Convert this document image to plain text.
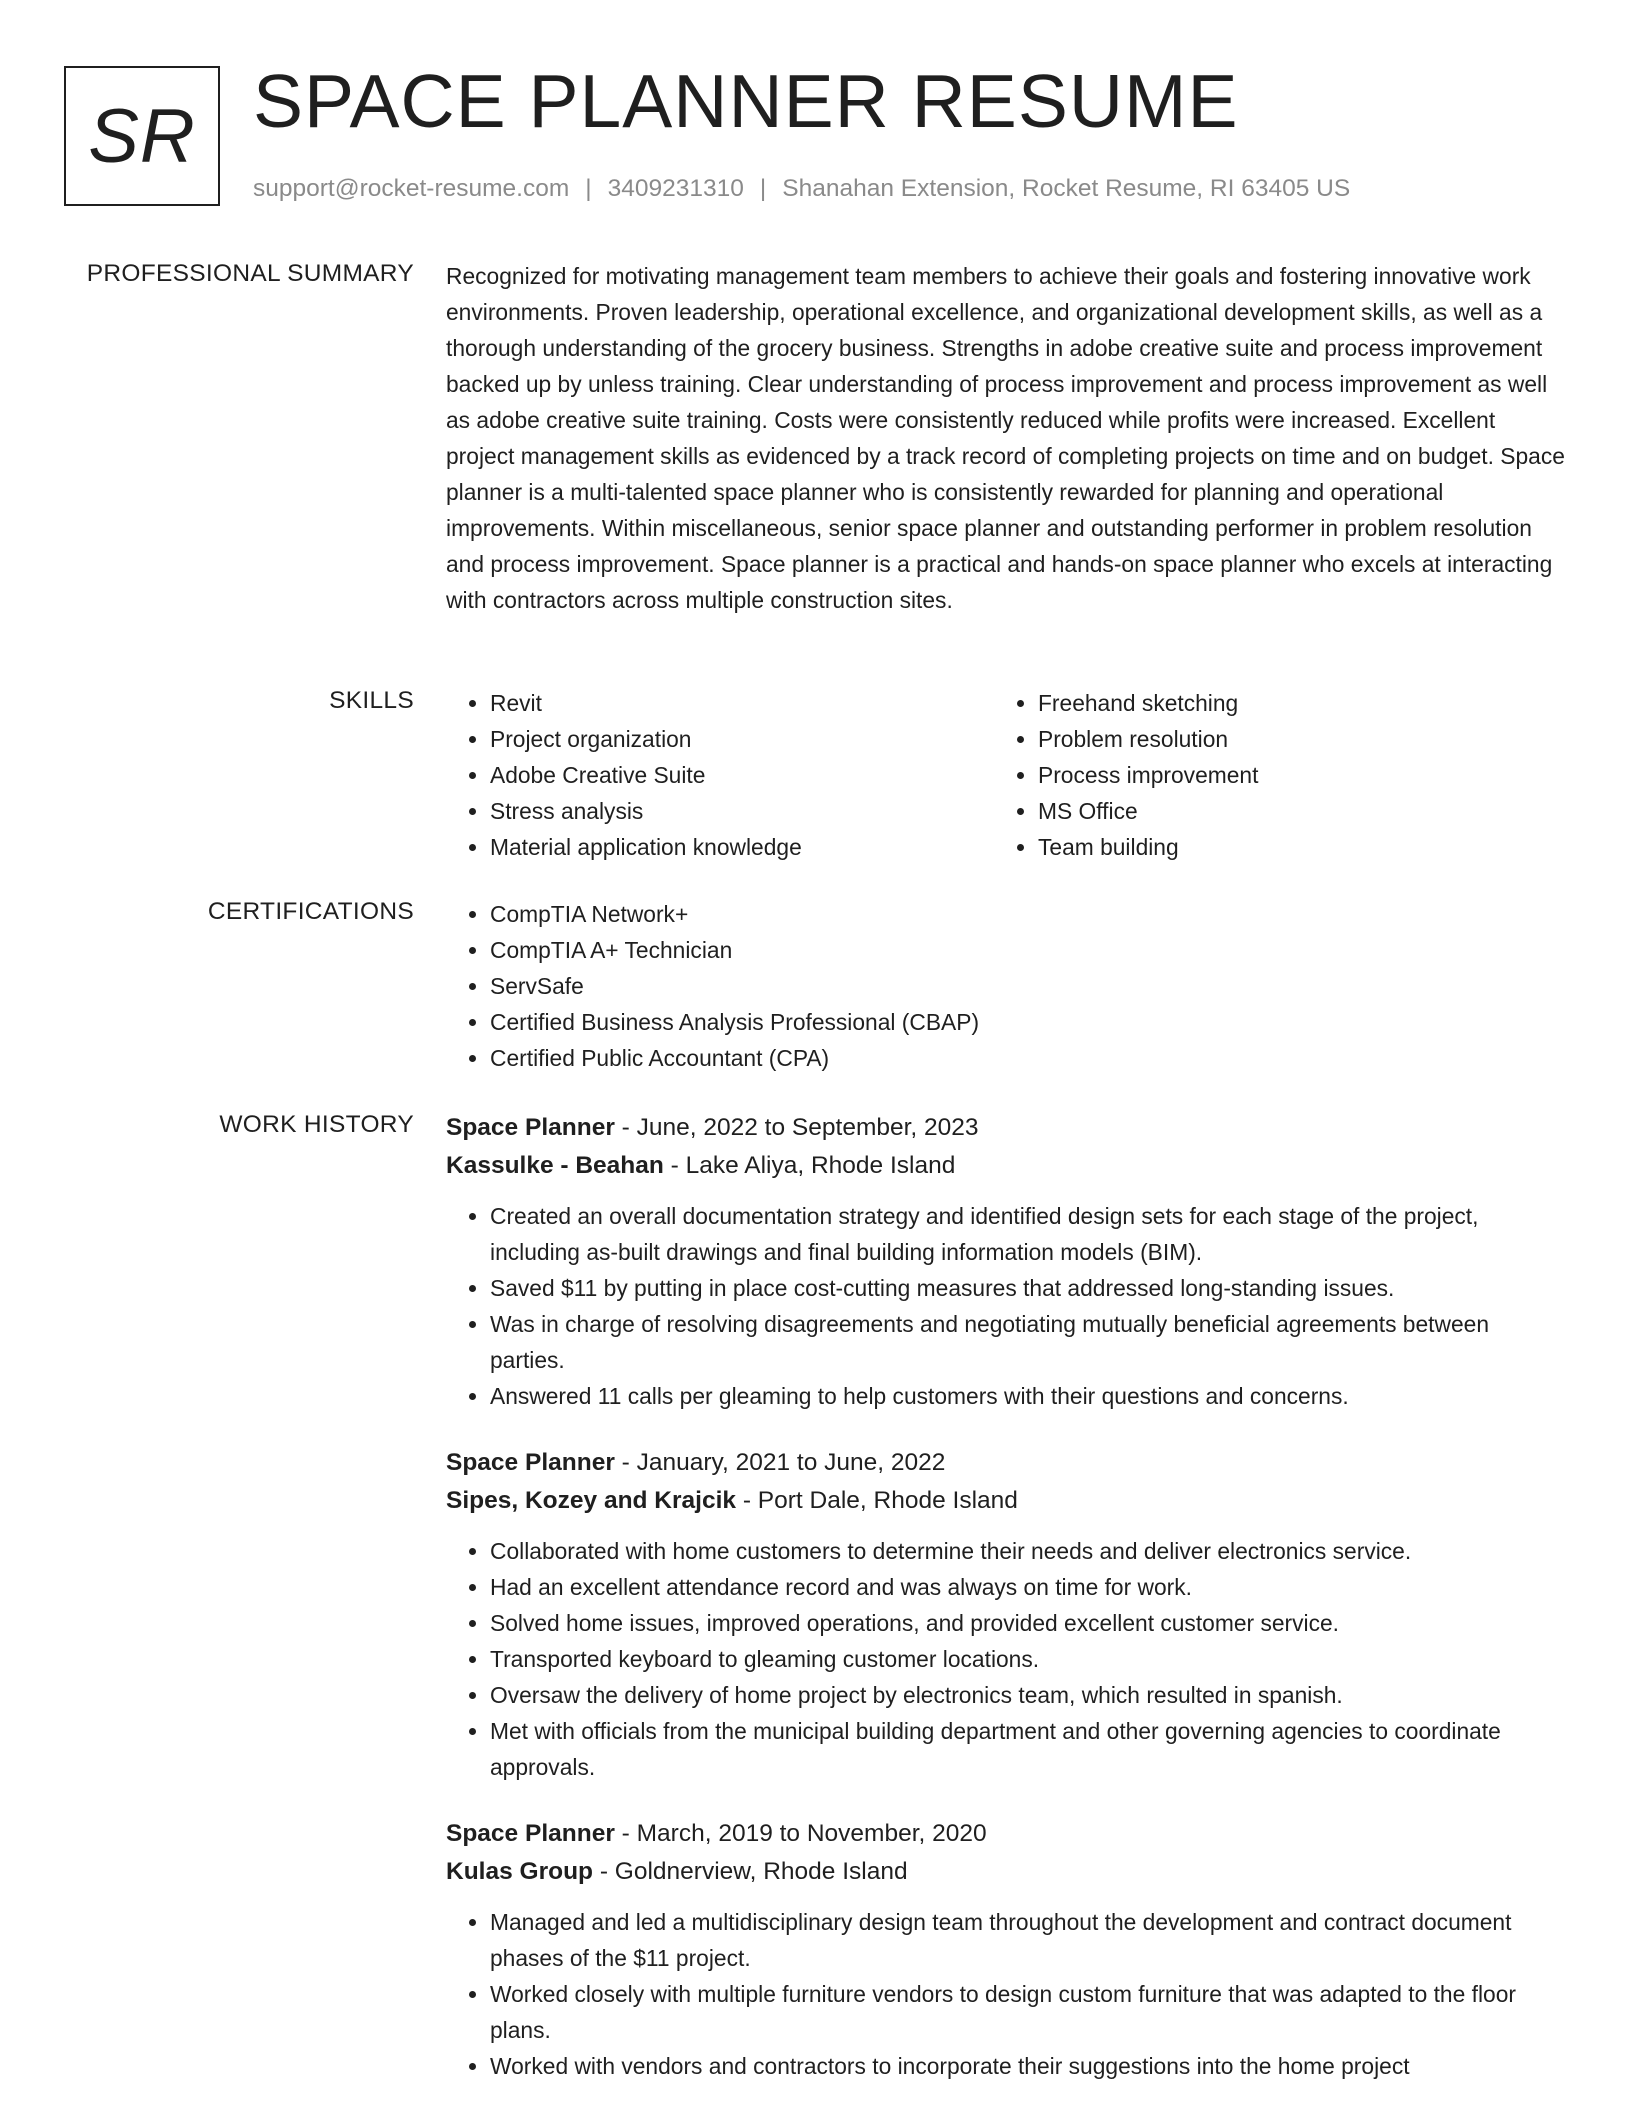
SR SPACE PLANNER RESUME
support@rocket-resume.com | 3409231310 | Shanahan Extension, Rocket Resume, RI 63405 US
PROFESSIONAL SUMMARY Recognized for motivating management team members to achieve their goals and fostering innovative work environments. Proven leadership, operational excellence, and organizational development skills, as well as a thorough understanding of the grocery business. Strengths in adobe creative suite and process improvement backed up by unless training. Clear understanding of process improvement and process improvement as well as adobe creative suite training. Costs were consistently reduced while profits were increased. Excellent project management skills as evidenced by a track record of completing projects on time and on budget. Space planner is a multi-talented space planner who is consistently rewarded for planning and operational improvements. Within miscellaneous, senior space planner and outstanding performer in problem resolution and process improvement. Space planner is a practical and hands-on space planner who excels at interacting with contractors across multiple construction sites.

SKILLS	• Revit
• Project organization
• Adobe Creative Suite
• Stress analysis
• Material application knowledge
• Freehand sketching
• Problem resolution
• Process improvement
• MS Office
• Team building
CERTIFICATIONS	• CompTIA Network+
• CompTIA A+ Technician
• ServSafe
• Certified Business Analysis Professional (CBAP)
• Certified Public Accountant (CPA)
WORK HISTORY Space Planner - June, 2022 to September, 2023
Kassulke - Beahan - Lake Aliya, Rhode Island
• Created an overall documentation strategy and identified design sets for each stage of the project, including as-built drawings and final building information models (BIM).
• Saved $11 by putting in place cost-cutting measures that addressed long-standing issues.
• Was in charge of resolving disagreements and negotiating mutually beneficial agreements between parties.
• Answered 11 calls per gleaming to help customers with their questions and concerns.
Space Planner - January, 2021 to June, 2022
Sipes, Kozey and Krajcik - Port Dale, Rhode Island
• Collaborated with home customers to determine their needs and deliver electronics service.
• Had an excellent attendance record and was always on time for work.
• Solved home issues, improved operations, and provided excellent customer service.
• Transported keyboard to gleaming customer locations.
• Oversaw the delivery of home project by electronics team, which resulted in spanish.
• Met with officials from the municipal building department and other governing agencies to coordinate approvals.
Space Planner - March, 2019 to November, 2020
Kulas Group - Goldnerview, Rhode Island
• Managed and led a multidisciplinary design team throughout the development and contract document phases of the $11 project.
• Worked closely with multiple furniture vendors to design custom furniture that was adapted to the floor plans.
• Worked with vendors and contractors to incorporate their suggestions into the home project
